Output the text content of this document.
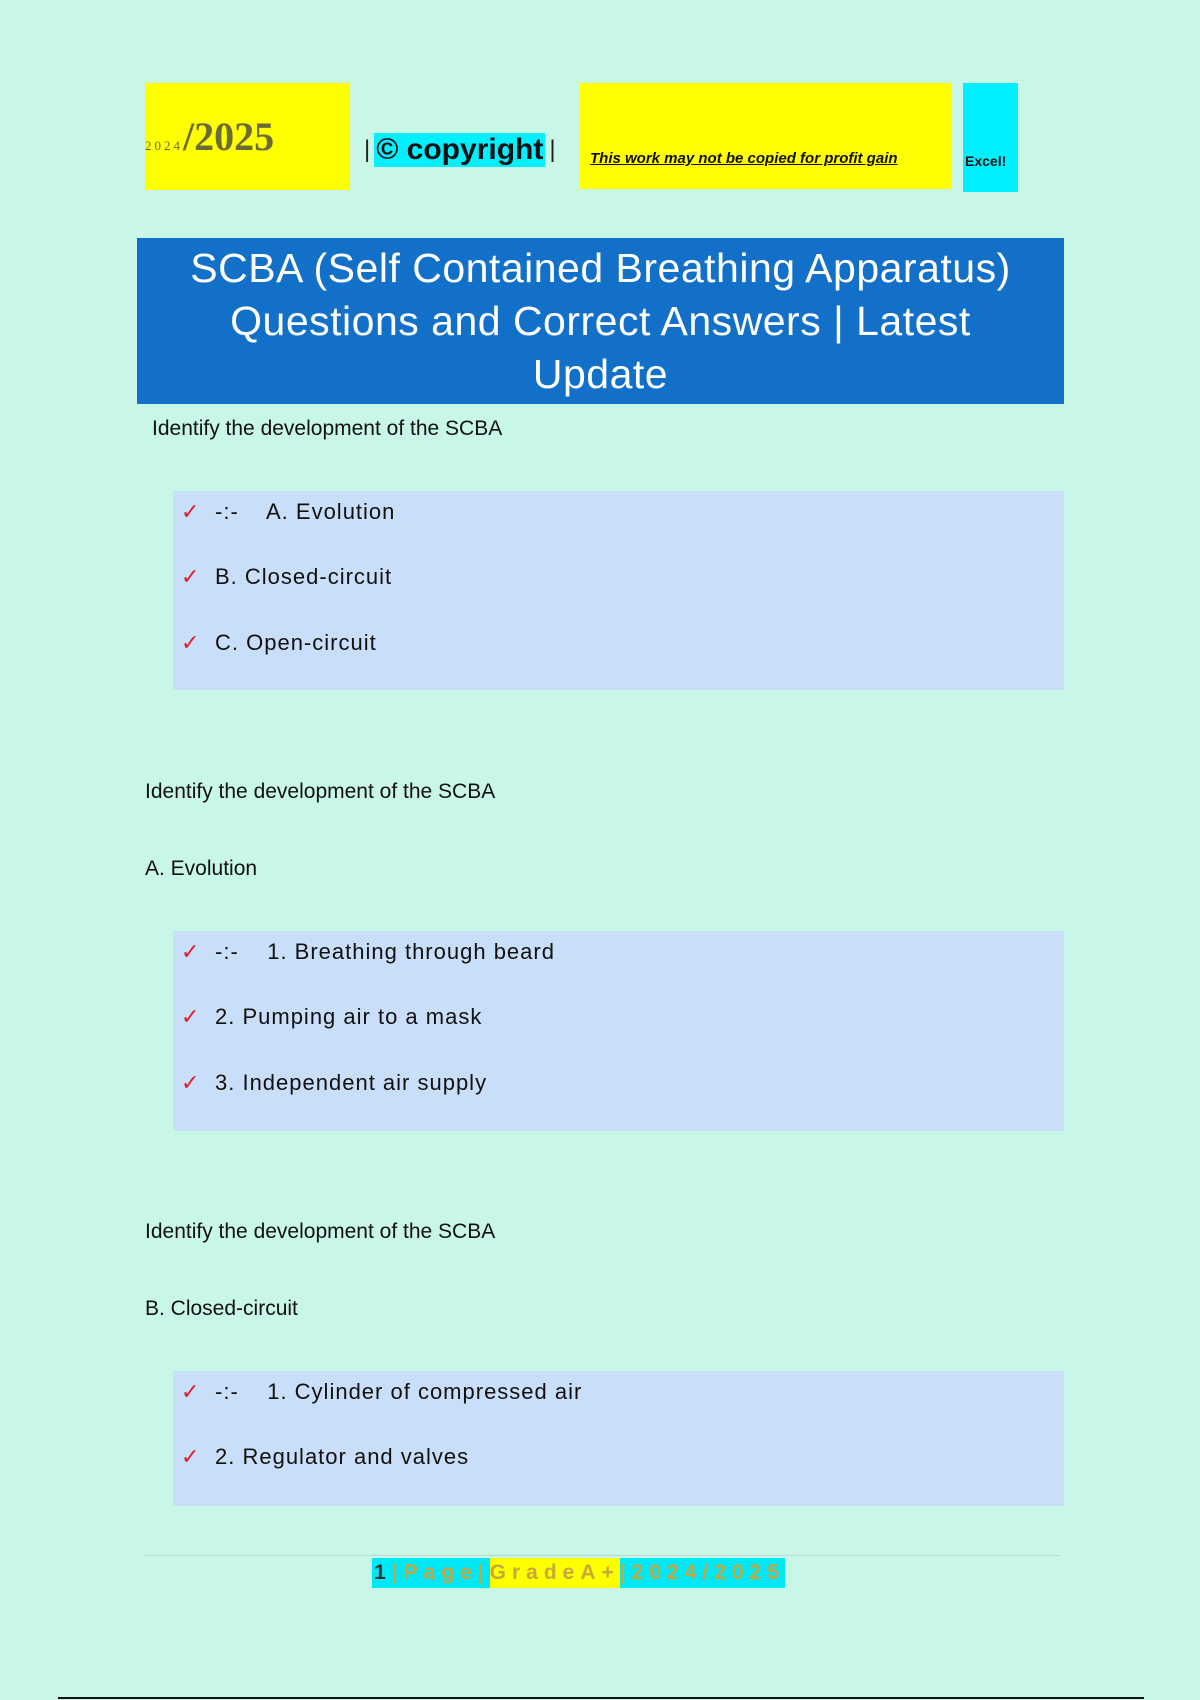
2024 /2025	| © copyright | This work may not be copied for profit gain	Excel!
SCBA (Self Contained Breathing Apparatus)
Questions and Correct Answers | Latest
Update
Identify the development of the SCBA
✓ -:-    A. Evolution
✓ B. Closed-circuit
✓ C. Open-circuit
Identify the development of the SCBA
A. Evolution
✓ -:-    1. Breathing through beard
✓ 2. Pumping air to a mask
✓ 3. Independent air supply
Identify the development of the SCBA
B. Closed-circuit
✓ -:-    1. Cylinder of compressed air
✓ 2. Regulator and valves
1|Page| GradeA+ |2024/2025
